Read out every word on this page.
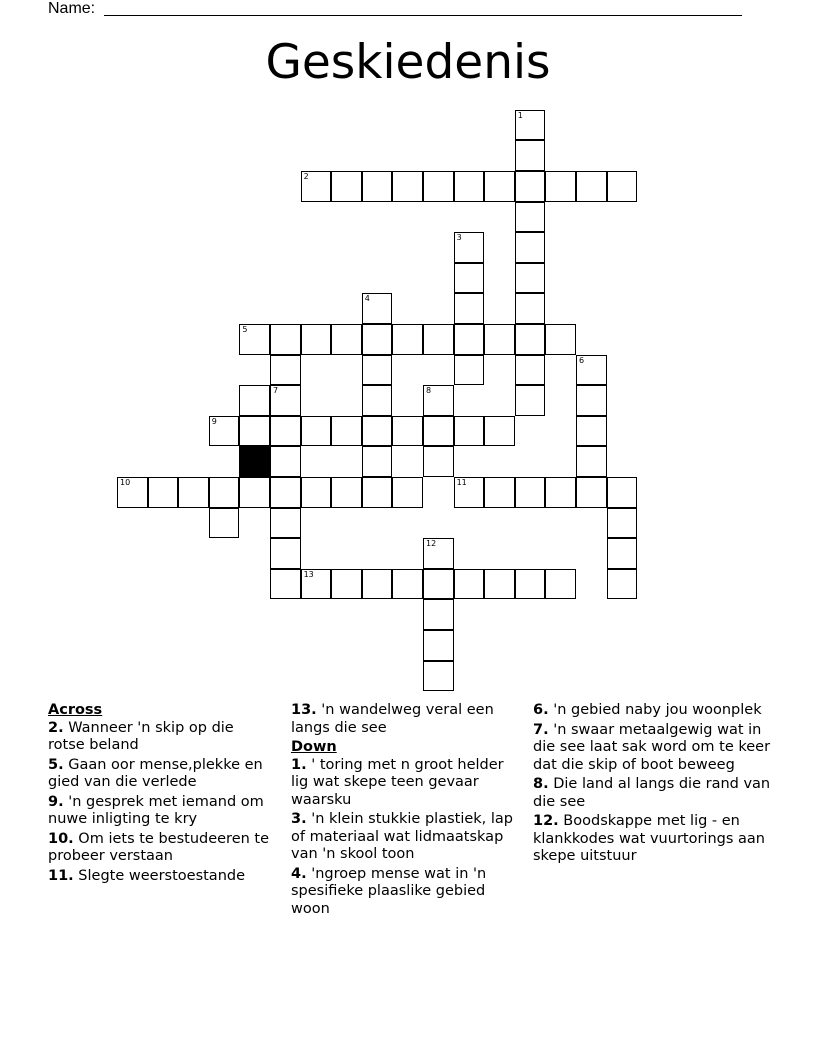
Name:
Geskiedenis
1
2
3
4
5
6
7	8
9
10	11
12
13
Across
2. Wanneer 'n skip op die rotse beland
5. Gaan oor mense,plekke en gied van die verlede
9. 'n gesprek met iemand om nuwe inligting te kry
10. Om iets te bestudeeren te probeer verstaan
11. Slegte weerstoestande
13. 'n wandelweg veral een langs die see
Down
1. ' toring met n groot helder lig wat skepe teen gevaar waarsku
3. 'n klein stukkie plastiek, lap of materiaal wat lidmaatskap van 'n skool toon
4. 'ngroep mense wat in 'n spesifieke plaaslike gebied woon
6. 'n gebied naby jou woonplek
7. 'n swaar metaalgewig wat in die see laat sak word om te keer dat die skip of boot beweeg
8. Die land al langs die rand van die see
12. Boodskappe met lig - en klankkodes wat vuurtorings aan skepe uitstuur
